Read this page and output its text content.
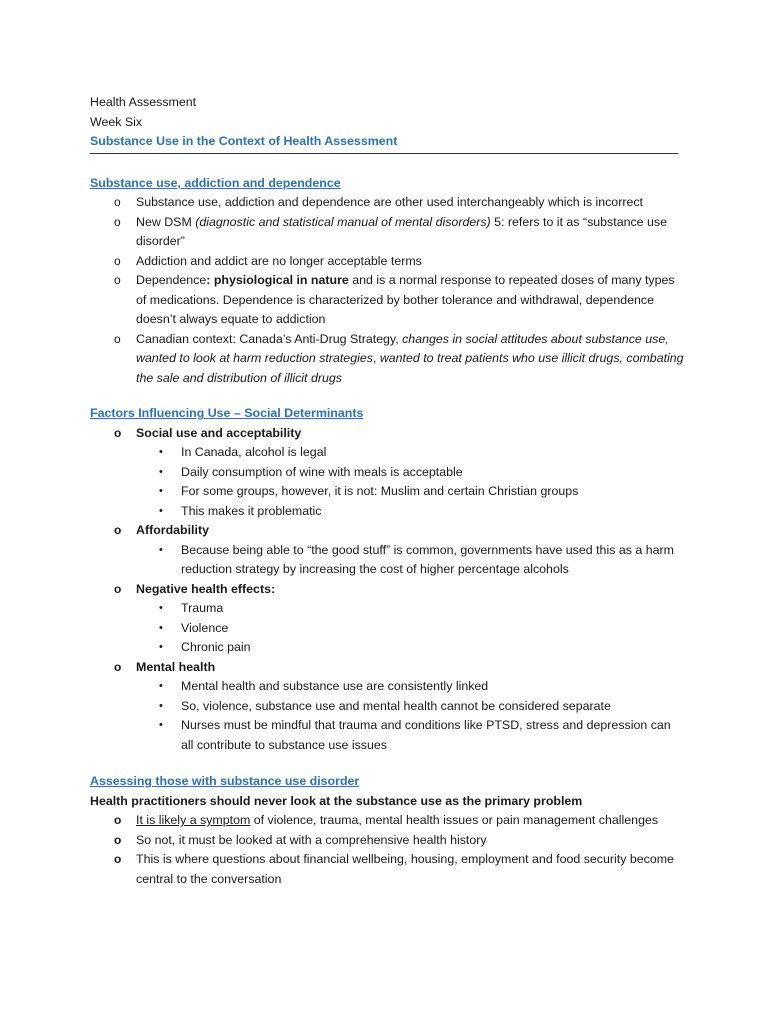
Health Assessment
Week Six
Substance Use in the Context of Health Assessment
Substance use, addiction and dependence
o Substance use, addiction and dependence are other used interchangeably which is incorrect
o New DSM (diagnostic and statistical manual of mental disorders) 5: refers to it as “substance use disorder”
o Addiction and addict are no longer acceptable terms
o Dependence: physiological in nature and is a normal response to repeated doses of many types of medications. Dependence is characterized by bother tolerance and withdrawal, dependence doesn’t always equate to addiction
o Canadian context: Canada’s Anti-Drug Strategy, changes in social attitudes about substance use, wanted to look at harm reduction strategies, wanted to treat patients who use illicit drugs, combating the sale and distribution of illicit drugs
Factors Influencing Use – Social Determinants
o Social use and acceptability
• In Canada, alcohol is legal
• Daily consumption of wine with meals is acceptable
• For some groups, however, it is not: Muslim and certain Christian groups
• This makes it problematic
o Affordability
• Because being able to “the good stuff” is common, governments have used this as a harm reduction strategy by increasing the cost of higher percentage alcohols
o Negative health effects:
• Trauma
• Violence
• Chronic pain
o Mental health
• Mental health and substance use are consistently linked
• So, violence, substance use and mental health cannot be considered separate
• Nurses must be mindful that trauma and conditions like PTSD, stress and depression can all contribute to substance use issues
Assessing those with substance use disorder
Health practitioners should never look at the substance use as the primary problem
o It is likely a symptom of violence, trauma, mental health issues or pain management challenges
o So not, it must be looked at with a comprehensive health history
o This is where questions about financial wellbeing, housing, employment and food security become central to the conversation
